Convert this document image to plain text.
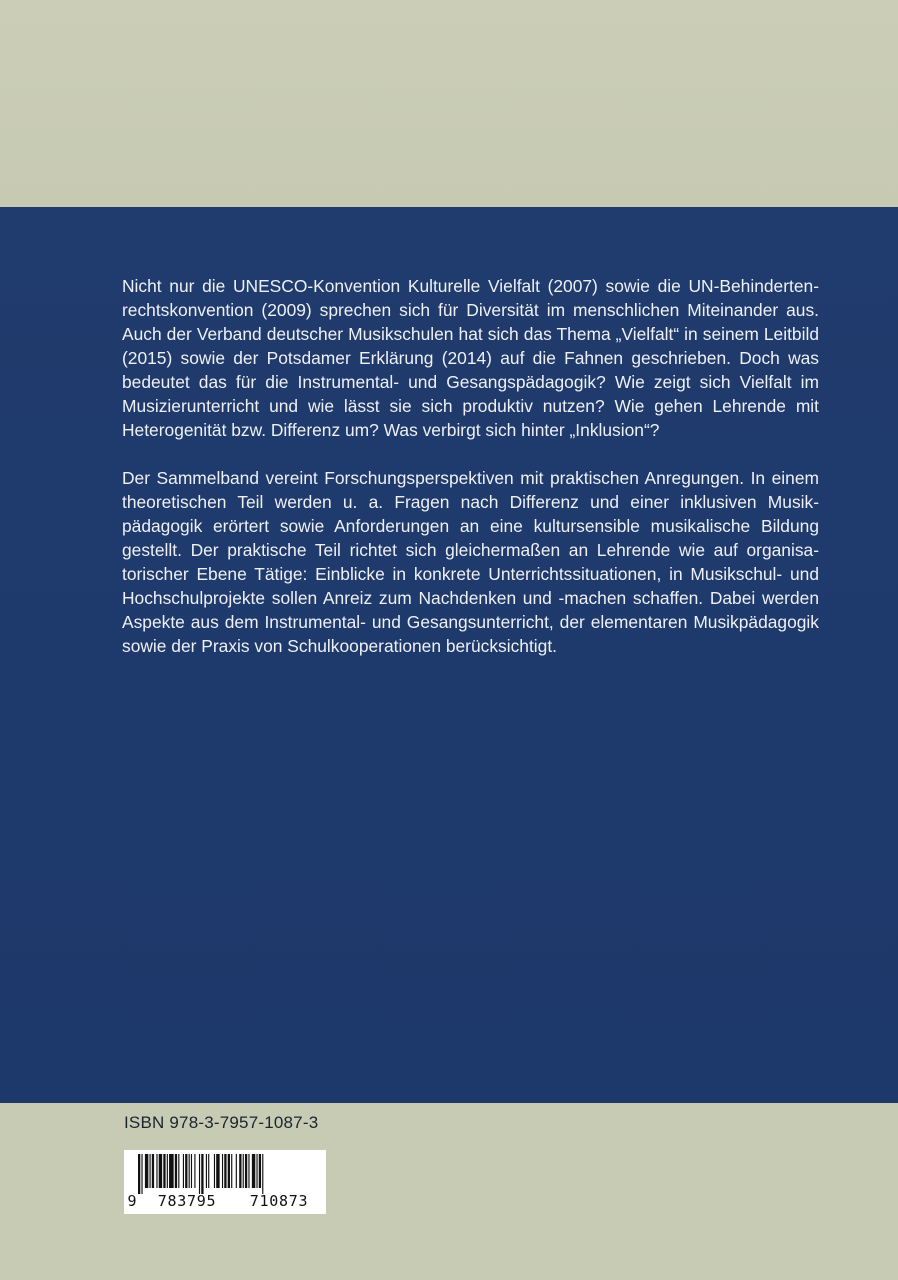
Nicht nur die UNESCO-Konvention Kulturelle Vielfalt (2007) sowie die UN-Behindertenrechtskonvention (2009) sprechen sich für Diversität im menschlichen Miteinander aus. Auch der Verband deutscher Musikschulen hat sich das Thema „Vielfalt“ in seinem Leitbild (2015) sowie der Potsdamer Erklärung (2014) auf die Fahnen geschrieben. Doch was bedeutet das für die Instrumental- und Gesangspädagogik? Wie zeigt sich Vielfalt im Musizierunterricht und wie lässt sie sich produktiv nutzen? Wie gehen Lehrende mit Heterogenität bzw. Differenz um? Was verbirgt sich hinter „Inklusion“?

Der Sammelband vereint Forschungsperspektiven mit praktischen Anregungen. In einem theoretischen Teil werden u. a. Fragen nach Differenz und einer inklusiven Musikpädagogik erörtert sowie Anforderungen an eine kultursensible musikalische Bildung gestellt. Der praktische Teil richtet sich gleichermaßen an Lehrende wie auf organisatorischer Ebene Tätige: Einblicke in konkrete Unterrichtssituationen, in Musikschul- und Hochschulprojekte sollen Anreiz zum Nachdenken und -machen schaffen. Dabei werden Aspekte aus dem Instrumental- und Gesangsunterricht, der elementaren Musikpädagogik sowie der Praxis von Schulkooperationen berücksichtigt.

ISBN 978-3-7957-1087-3
9	783795	710873
